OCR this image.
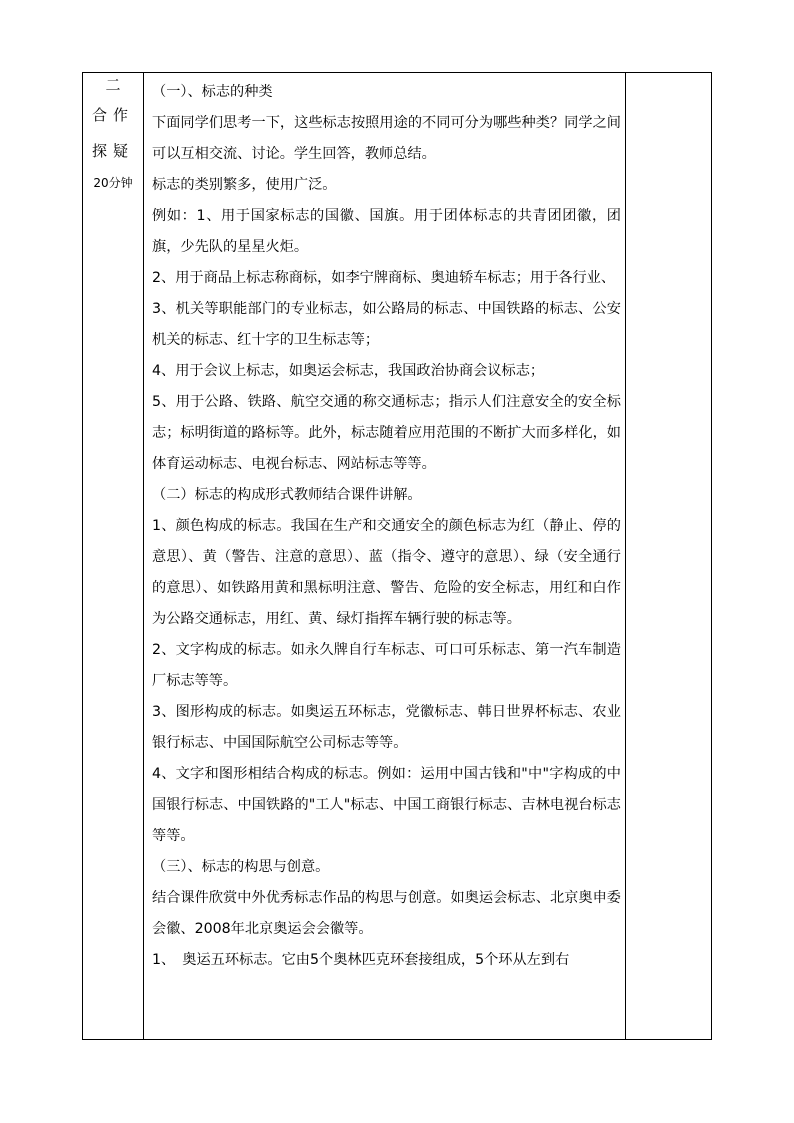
二
合作
探疑
20分钟

（一）、标志的种类

下面同学们思考一下，这些标志按照用途的不同可分为哪些种类？同学之间可以互相交流、讨论。学生回答，教师总结。

标志的类别繁多，使用广泛。

例如：1、用于国家标志的国徽、国旗。用于团体标志的共青团团徽，团旗，少先队的星星火炬。

2、用于商品上标志称商标，如李宁牌商标、奥迪轿车标志；用于各行业、

3、机关等职能部门的专业标志，如公路局的标志、中国铁路的标志、公安机关的标志、红十字的卫生标志等；

4、用于会议上标志，如奥运会标志，我国政治协商会议标志；

5、用于公路、铁路、航空交通的称交通标志；指示人们注意安全的安全标志；标明街道的路标等。此外，标志随着应用范围的不断扩大而多样化，如体育运动标志、电视台标志、网站标志等等。

（二）标志的构成形式教师结合课件讲解。

1、颜色构成的标志。我国在生产和交通安全的颜色标志为红（静止、停的意思）、黄（警告、注意的意思）、蓝（指令、遵守的意思）、绿（安全通行的意思）、如铁路用黄和黑标明注意、警告、危险的安全标志，用红和白作为公路交通标志，用红、黄、绿灯指挥车辆行驶的标志等。

2、文字构成的标志。如永久牌自行车标志、可口可乐标志、第一汽车制造厂标志等等。

3、图形构成的标志。如奥运五环标志，党徽标志、韩日世界杯标志、农业银行标志、中国国际航空公司标志等等。

4、文字和图形相结合构成的标志。例如：运用中国古钱和"中"字构成的中国银行标志、中国铁路的"工人"标志、中国工商银行标志、吉林电视台标志等等。

（三）、标志的构思与创意。

结合课件欣赏中外优秀标志作品的构思与创意。如奥运会标志、北京奥申委会徽、2008年北京奥运会会徽等。

1、　奥运五环标志。它由5个奥林匹克环套接组成，5个环从左到右
